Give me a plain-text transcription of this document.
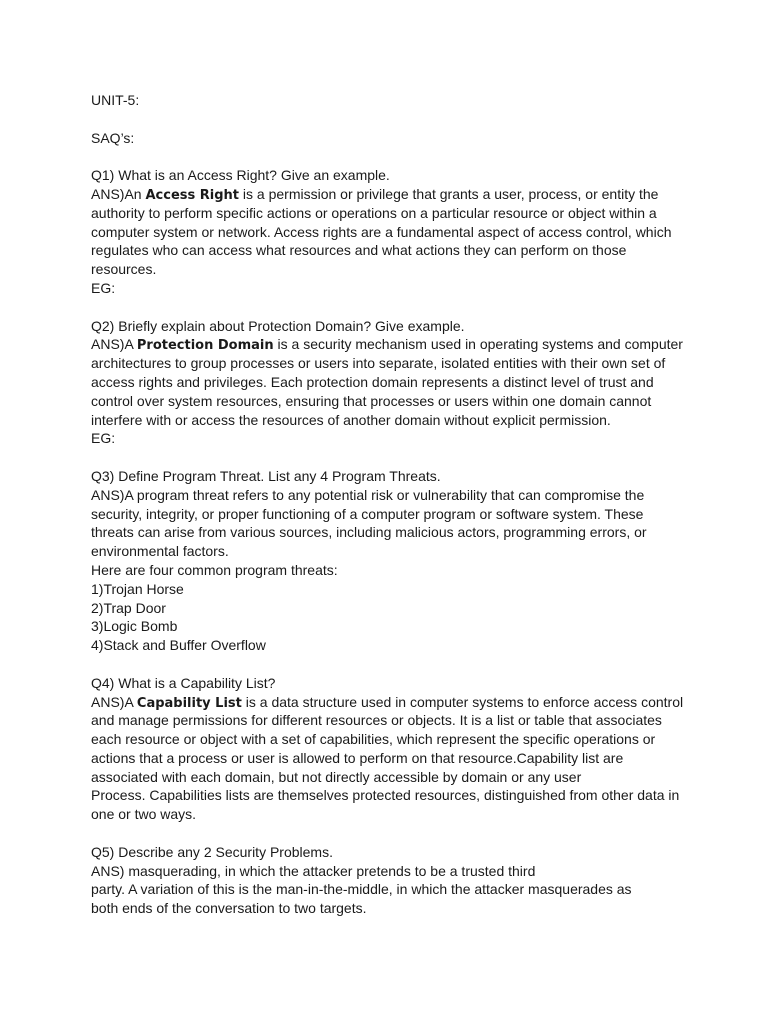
UNIT-5:
SAQ’s:
Q1) What is an Access Right? Give an example.
ANS)An Access Right is a permission or privilege that grants a user, process, or entity the
authority to perform specific actions or operations on a particular resource or object within a
computer system or network. Access rights are a fundamental aspect of access control, which
regulates who can access what resources and what actions they can perform on those
resources.
EG:
Q2) Briefly explain about Protection Domain? Give example.
ANS)A Protection Domain is a security mechanism used in operating systems and computer
architectures to group processes or users into separate, isolated entities with their own set of
access rights and privileges. Each protection domain represents a distinct level of trust and
control over system resources, ensuring that processes or users within one domain cannot
interfere with or access the resources of another domain without explicit permission.
EG:
Q3) Define Program Threat. List any 4 Program Threats.
ANS)A program threat refers to any potential risk or vulnerability that can compromise the
security, integrity, or proper functioning of a computer program or software system. These
threats can arise from various sources, including malicious actors, programming errors, or
environmental factors.
Here are four common program threats:
1)Trojan Horse
2)Trap Door
3)Logic Bomb
4)Stack and Buffer Overflow
Q4) What is a Capability List?
ANS)A Capability List is a data structure used in computer systems to enforce access control
and manage permissions for different resources or objects. It is a list or table that associates
each resource or object with a set of capabilities, which represent the specific operations or
actions that a process or user is allowed to perform on that resource.Capability list are
associated with each domain, but not directly accessible by domain or any user
Process. Capabilities lists are themselves protected resources, distinguished from other data in
one or two ways.
Q5) Describe any 2 Security Problems.
ANS) masquerading, in which the attacker pretends to be a trusted third
party. A variation of this is the man-in-the-middle, in which the attacker masquerades as
both ends of the conversation to two targets.
